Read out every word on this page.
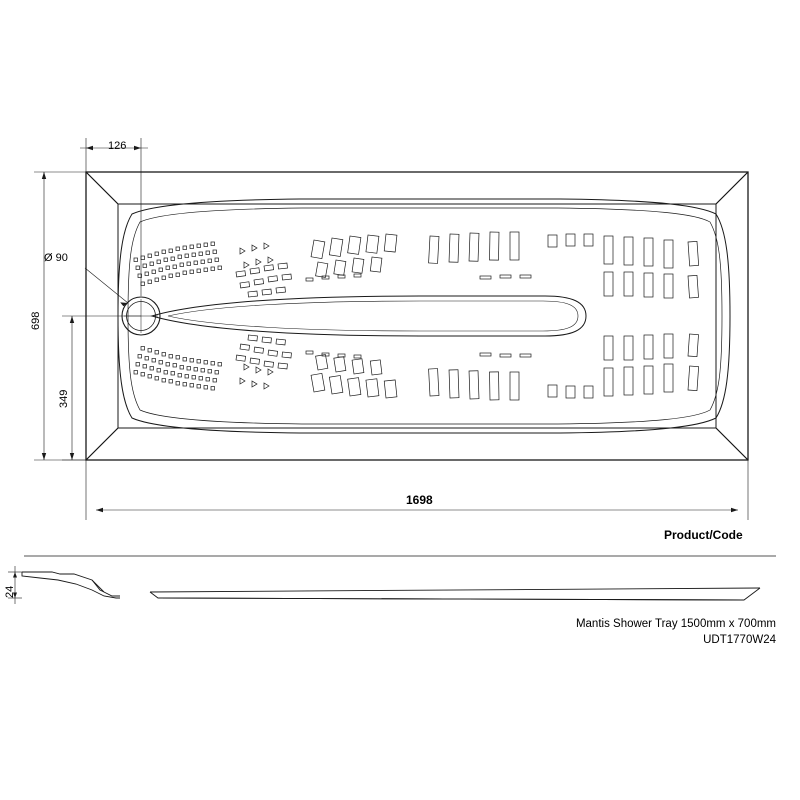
126
Ø 90
698
349
1698
24
Product/Code
Mantis Shower Tray 1500mm x 700mm
UDT1770W24
